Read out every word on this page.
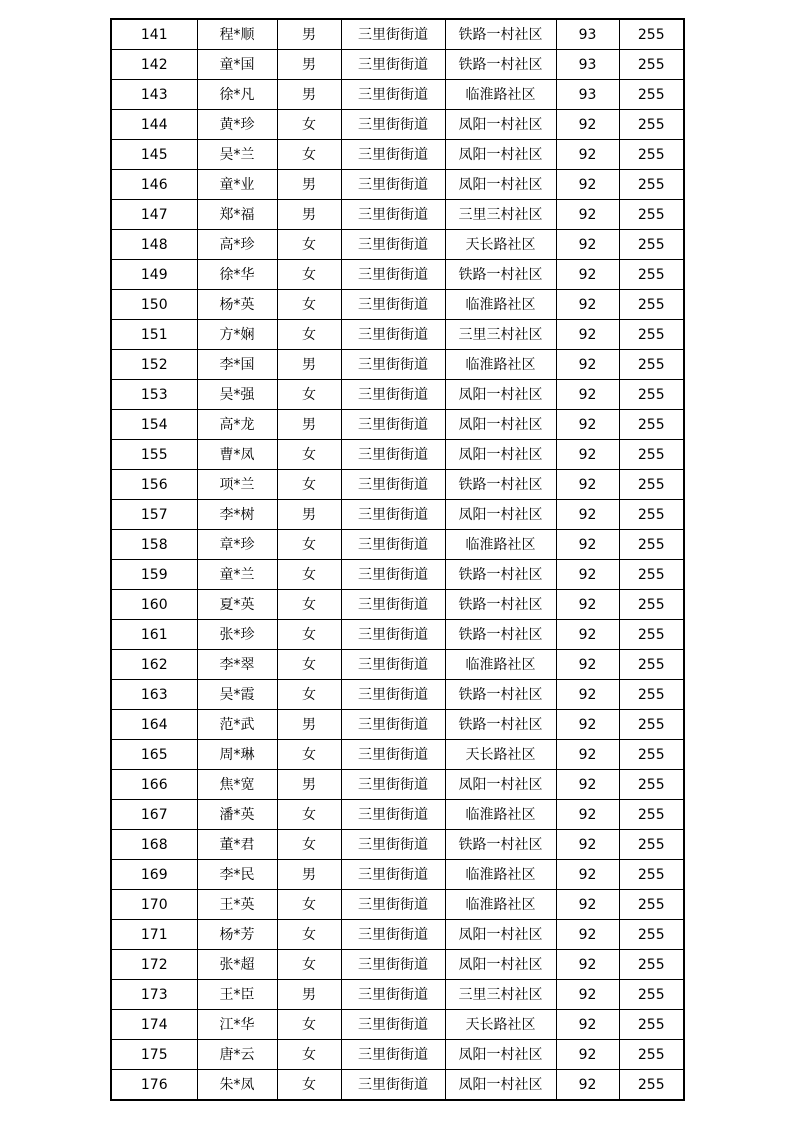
141	程*顺	男	三里街街道	铁路一村社区	93	255
142	童*国	男	三里街街道	铁路一村社区	93	255
143	徐*凡	男	三里街街道	临淮路社区	93	255
144	黄*珍	女	三里街街道	凤阳一村社区	92	255
145	吴*兰	女	三里街街道	凤阳一村社区	92	255
146	童*业	男	三里街街道	凤阳一村社区	92	255
147	郑*福	男	三里街街道	三里三村社区	92	255
148	高*珍	女	三里街街道	天长路社区	92	255
149	徐*华	女	三里街街道	铁路一村社区	92	255
150	杨*英	女	三里街街道	临淮路社区	92	255
151	方*娴	女	三里街街道	三里三村社区	92	255
152	李*国	男	三里街街道	临淮路社区	92	255
153	吴*强	女	三里街街道	凤阳一村社区	92	255
154	高*龙	男	三里街街道	凤阳一村社区	92	255
155	曹*凤	女	三里街街道	凤阳一村社区	92	255
156	项*兰	女	三里街街道	铁路一村社区	92	255
157	李*树	男	三里街街道	凤阳一村社区	92	255
158	章*珍	女	三里街街道	临淮路社区	92	255
159	童*兰	女	三里街街道	铁路一村社区	92	255
160	夏*英	女	三里街街道	铁路一村社区	92	255
161	张*珍	女	三里街街道	铁路一村社区	92	255
162	李*翠	女	三里街街道	临淮路社区	92	255
163	吴*霞	女	三里街街道	铁路一村社区	92	255
164	范*武	男	三里街街道	铁路一村社区	92	255
165	周*琳	女	三里街街道	天长路社区	92	255
166	焦*宽	男	三里街街道	凤阳一村社区	92	255
167	潘*英	女	三里街街道	临淮路社区	92	255
168	董*君	女	三里街街道	铁路一村社区	92	255
169	李*民	男	三里街街道	临淮路社区	92	255
170	王*英	女	三里街街道	临淮路社区	92	255
171	杨*芳	女	三里街街道	凤阳一村社区	92	255
172	张*超	女	三里街街道	凤阳一村社区	92	255
173	王*臣	男	三里街街道	三里三村社区	92	255
174	江*华	女	三里街街道	天长路社区	92	255
175	唐*云	女	三里街街道	凤阳一村社区	92	255
176	朱*凤	女	三里街街道	凤阳一村社区	92	255
